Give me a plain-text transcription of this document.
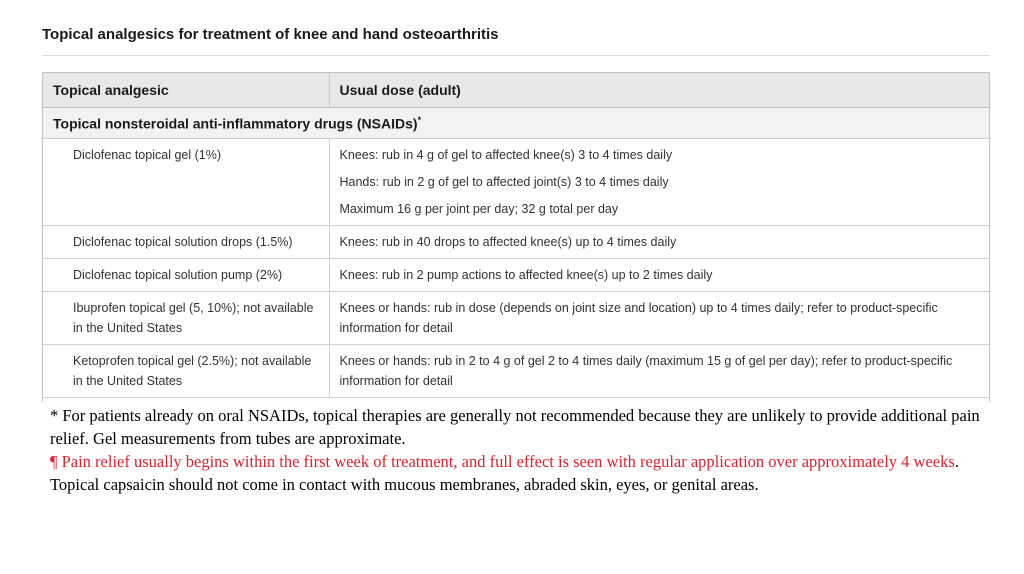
Topical analgesics for treatment of knee and hand osteoarthritis
Topical analgesic	Usual dose (adult)
Topical nonsteroidal anti-inflammatory drugs (NSAIDs)*
Diclofenac topical gel (1%)	Knees: rub in 4 g of gel to affected knee(s) 3 to 4 times daily
Hands: rub in 2 g of gel to affected joint(s) 3 to 4 times daily
Maximum 16 g per joint per day; 32 g total per day

Diclofenac topical solution drops (1.5%)	Knees: rub in 40 drops to affected knee(s) up to 4 times daily

Diclofenac topical solution pump (2%)	Knees: rub in 2 pump actions to affected knee(s) up to 2 times daily

Ibuprofen topical gel (5, 10%); not available in the United States	Knees or hands: rub in dose (depends on joint size and location) up to 4 times daily; refer to product-specific information for detail

Ketoprofen topical gel (2.5%); not available in the United States	Knees or hands: rub in 2 to 4 g of gel 2 to 4 times daily (maximum 15 g of gel per day); refer to product-specific information for detail

* For patients already on oral NSAIDs, topical therapies are generally not recommended because they are unlikely to provide additional pain relief. Gel measurements from tubes are approximate.

¶ Pain relief usually begins within the first week of treatment, and full effect is seen with regular application over approximately 4 weeks. Topical capsaicin should not come in contact with mucous membranes, abraded skin, eyes, or genital areas.
